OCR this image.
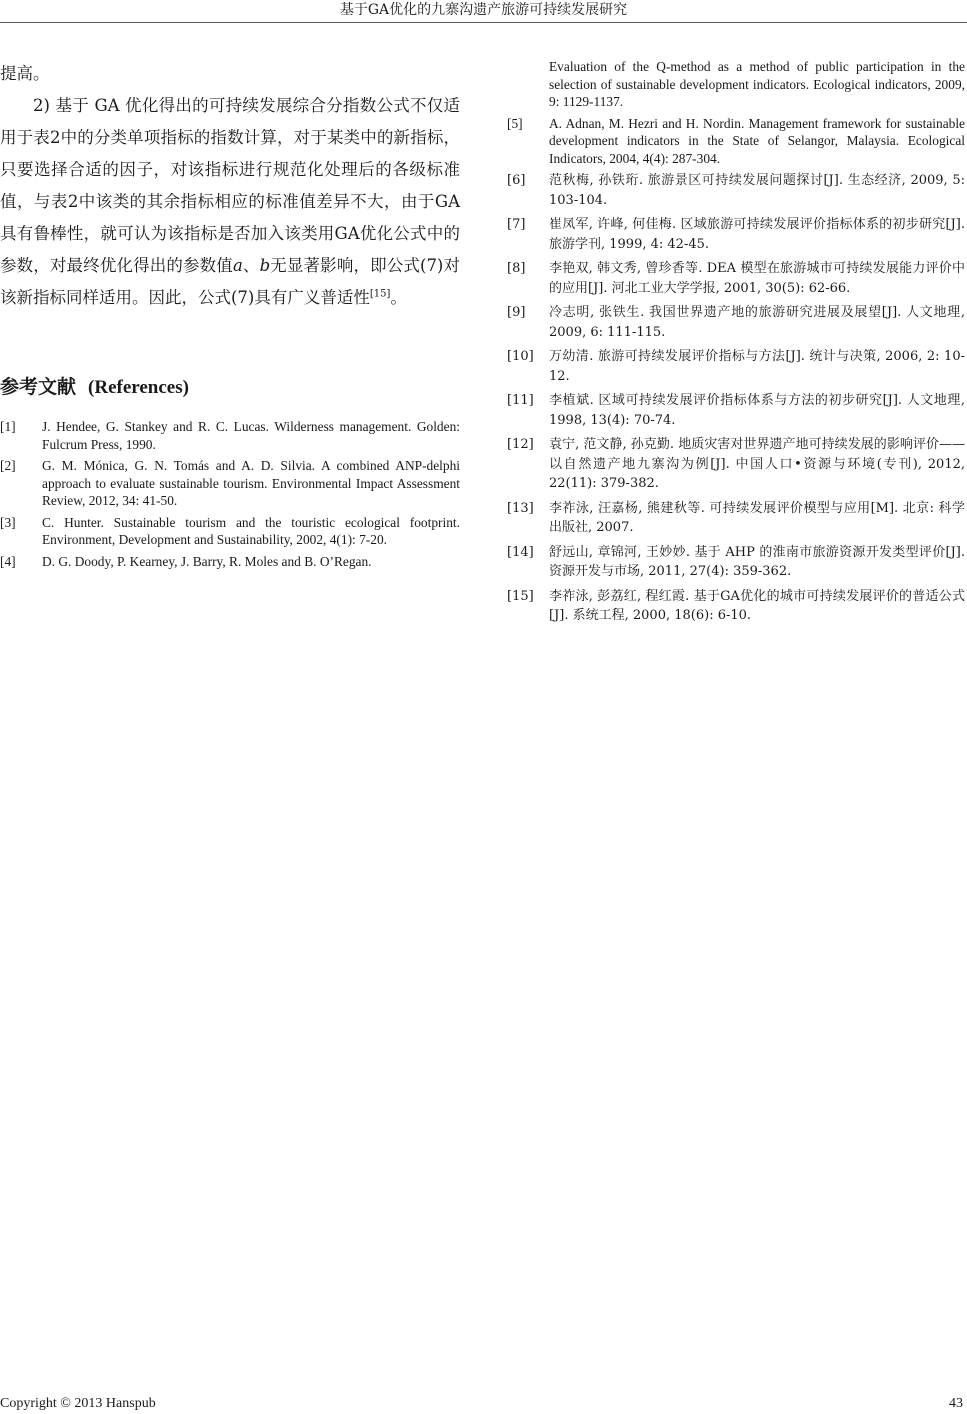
基于GA优化的九寨沟遗产旅游可持续发展研究

提高。

2) 基于 GA 优化得出的可持续发展综合分指数公式不仅适用于表2中的分类单项指标的指数计算，对于某类中的新指标，只要选择合适的因子，对该指标进行规范化处理后的各级标准值，与表2中该类的其余指标相应的标准值差异不大，由于GA具有鲁棒性，就可认为该指标是否加入该类用GA优化公式中的参数，对最终优化得出的参数值a、b无显著影响，即公式(7)对该新指标同样适用。因此，公式(7)具有广义普适性[15]。

参考文献 (References)
[1] J. Hendee, G. Stankey and R. C. Lucas. Wilderness management. Golden: Fulcrum Press, 1990.
[2] G. M. Mónica, G. N. Tomás and A. D. Silvia. A combined ANP-delphi approach to evaluate sustainable tourism. Environmental Impact Assessment Review, 2012, 34: 41-50.
[3] C. Hunter. Sustainable tourism and the touristic ecological footprint. Environment, Development and Sustainability, 2002, 4(1): 7-20.
[4] D. G. Doody, P. Kearney, J. Barry, R. Moles and B. O’Regan.
Evaluation of the Q-method as a method of public participation in the selection of sustainable development indicators. Ecological indicators, 2009, 9: 1129-1137.
[5] A. Adnan, M. Hezri and H. Nordin. Management framework for sustainable development indicators in the State of Selangor, Malaysia. Ecological Indicators, 2004, 4(4): 287-304.
[6] 范秋梅, 孙铁珩. 旅游景区可持续发展问题探讨[J]. 生态经济, 2009, 5: 103-104.
[7] 崔凤军, 许峰, 何佳梅. 区域旅游可持续发展评价指标体系的初步研究[J]. 旅游学刊, 1999, 4: 42-45.
[8] 李艳双, 韩文秀, 曾珍香等. DEA 模型在旅游城市可持续发展能力评价中的应用[J]. 河北工业大学学报, 2001, 30(5): 62-66.
[9] 冷志明, 张铁生. 我国世界遗产地的旅游研究进展及展望[J]. 人文地理, 2009, 6: 111-115.
[10] 万幼清. 旅游可持续发展评价指标与方法[J]. 统计与决策, 2006, 2: 10-12.
[11] 李植斌. 区域可持续发展评价指标体系与方法的初步研究[J]. 人文地理, 1998, 13(4): 70-74.
[12] 袁宁, 范文静, 孙克勤. 地质灾害对世界遗产地可持续发展的影响评价——以自然遗产地九寨沟为例[J]. 中国人口•资源与环境(专刊), 2012, 22(11): 379-382.
[13] 李祚泳, 汪嘉杨, 熊建秋等. 可持续发展评价模型与应用[M]. 北京: 科学出版社, 2007.
[14] 舒远山, 章锦河, 王妙妙. 基于 AHP 的淮南市旅游资源开发类型评价[J]. 资源开发与市场, 2011, 27(4): 359-362.
[15] 李祚泳, 彭荔红, 程红霞. 基于GA优化的城市可持续发展评价的普适公式[J]. 系统工程, 2000, 18(6): 6-10.
Copyright © 2013 Hanspub	43
